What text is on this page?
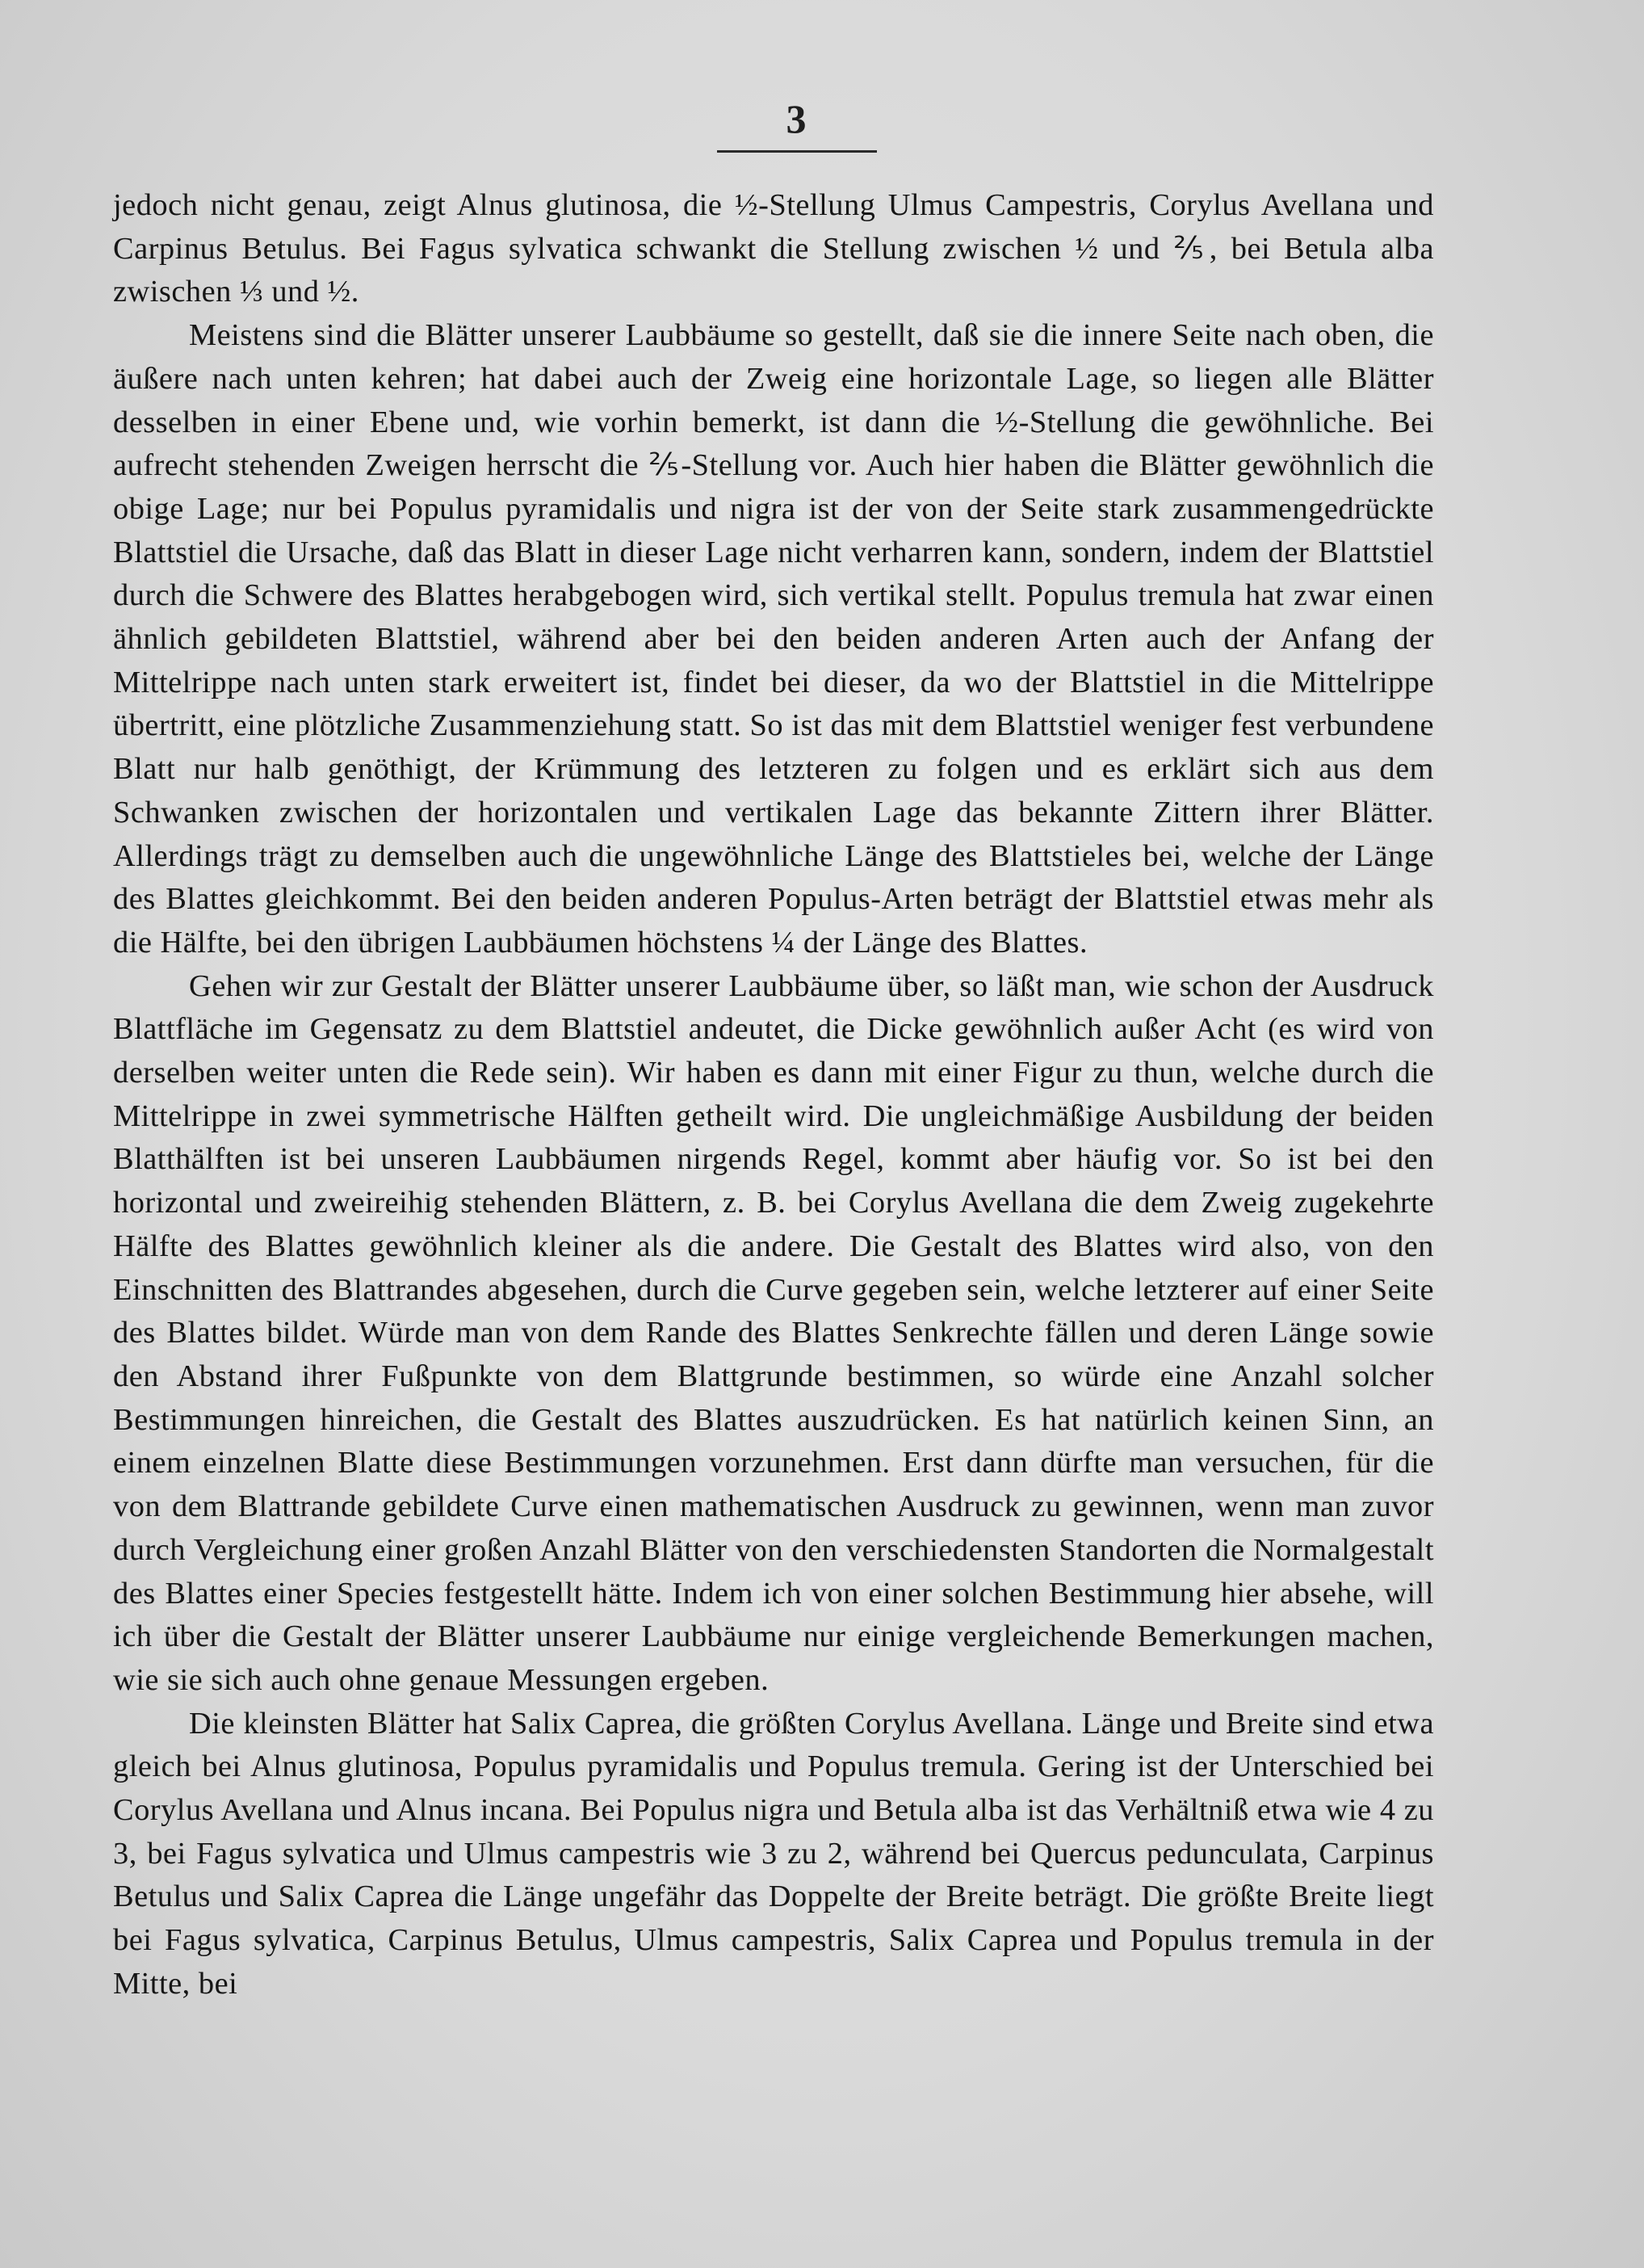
3

jedoch nicht genau, zeigt Alnus glutinosa, die ½-Stellung Ulmus Campestris, Corylus Avellana und Carpinus Betulus. Bei Fagus sylvatica schwankt die Stellung zwischen ½ und ⅖, bei Betula alba zwischen ⅓ und ½.

Meistens sind die Blätter unserer Laubbäume so gestellt, daß sie die innere Seite nach oben, die äußere nach unten kehren; hat dabei auch der Zweig eine horizontale Lage, so liegen alle Blätter desselben in einer Ebene und, wie vorhin bemerkt, ist dann die ½-Stellung die gewöhnliche. Bei aufrecht stehenden Zweigen herrscht die ⅖-Stellung vor. Auch hier haben die Blätter gewöhnlich die obige Lage; nur bei Populus pyramidalis und nigra ist der von der Seite stark zusammengedrückte Blattstiel die Ursache, daß das Blatt in dieser Lage nicht verharren kann, sondern, indem der Blattstiel durch die Schwere des Blattes herabgebogen wird, sich vertikal stellt. Populus tremula hat zwar einen ähnlich gebildeten Blattstiel, während aber bei den beiden anderen Arten auch der Anfang der Mittelrippe nach unten stark erweitert ist, findet bei dieser, da wo der Blattstiel in die Mittelrippe übertritt, eine plötzliche Zusammenziehung statt. So ist das mit dem Blattstiel weniger fest verbundene Blatt nur halb genöthigt, der Krümmung des letzteren zu folgen und es erklärt sich aus dem Schwanken zwischen der horizontalen und vertikalen Lage das bekannte Zittern ihrer Blätter. Allerdings trägt zu demselben auch die ungewöhnliche Länge des Blattstieles bei, welche der Länge des Blattes gleichkommt. Bei den beiden anderen Populus-Arten beträgt der Blattstiel etwas mehr als die Hälfte, bei den übrigen Laubbäumen höchstens ¼ der Länge des Blattes.

Gehen wir zur Gestalt der Blätter unserer Laubbäume über, so läßt man, wie schon der Ausdruck Blattfläche im Gegensatz zu dem Blattstiel andeutet, die Dicke gewöhnlich außer Acht (es wird von derselben weiter unten die Rede sein). Wir haben es dann mit einer Figur zu thun, welche durch die Mittelrippe in zwei symmetrische Hälften getheilt wird. Die ungleichmäßige Ausbildung der beiden Blatthälften ist bei unseren Laubbäumen nirgends Regel, kommt aber häufig vor. So ist bei den horizontal und zweireihig stehenden Blättern, z. B. bei Corylus Avellana die dem Zweig zugekehrte Hälfte des Blattes gewöhnlich kleiner als die andere. Die Gestalt des Blattes wird also, von den Einschnitten des Blattrandes abgesehen, durch die Curve gegeben sein, welche letzterer auf einer Seite des Blattes bildet. Würde man von dem Rande des Blattes Senkrechte fällen und deren Länge sowie den Abstand ihrer Fußpunkte von dem Blattgrunde bestimmen, so würde eine Anzahl solcher Bestimmungen hinreichen, die Gestalt des Blattes auszudrücken. Es hat natürlich keinen Sinn, an einem einzelnen Blatte diese Bestimmungen vorzunehmen. Erst dann dürfte man versuchen, für die von dem Blattrande gebildete Curve einen mathematischen Ausdruck zu gewinnen, wenn man zuvor durch Vergleichung einer großen Anzahl Blätter von den verschiedensten Standorten die Normalgestalt des Blattes einer Species festgestellt hätte. Indem ich von einer solchen Bestimmung hier absehe, will ich über die Gestalt der Blätter unserer Laubbäume nur einige vergleichende Bemerkungen machen, wie sie sich auch ohne genaue Messungen ergeben.

Die kleinsten Blätter hat Salix Caprea, die größten Corylus Avellana. Länge und Breite sind etwa gleich bei Alnus glutinosa, Populus pyramidalis und Populus tremula. Gering ist der Unterschied bei Corylus Avellana und Alnus incana. Bei Populus nigra und Betula alba ist das Verhältniß etwa wie 4 zu 3, bei Fagus sylvatica und Ulmus campestris wie 3 zu 2, während bei Quercus pedunculata, Carpinus Betulus und Salix Caprea die Länge ungefähr das Doppelte der Breite beträgt. Die größte Breite liegt bei Fagus sylvatica, Carpinus Betulus, Ulmus campestris, Salix Caprea und Populus tremula in der Mitte, bei
